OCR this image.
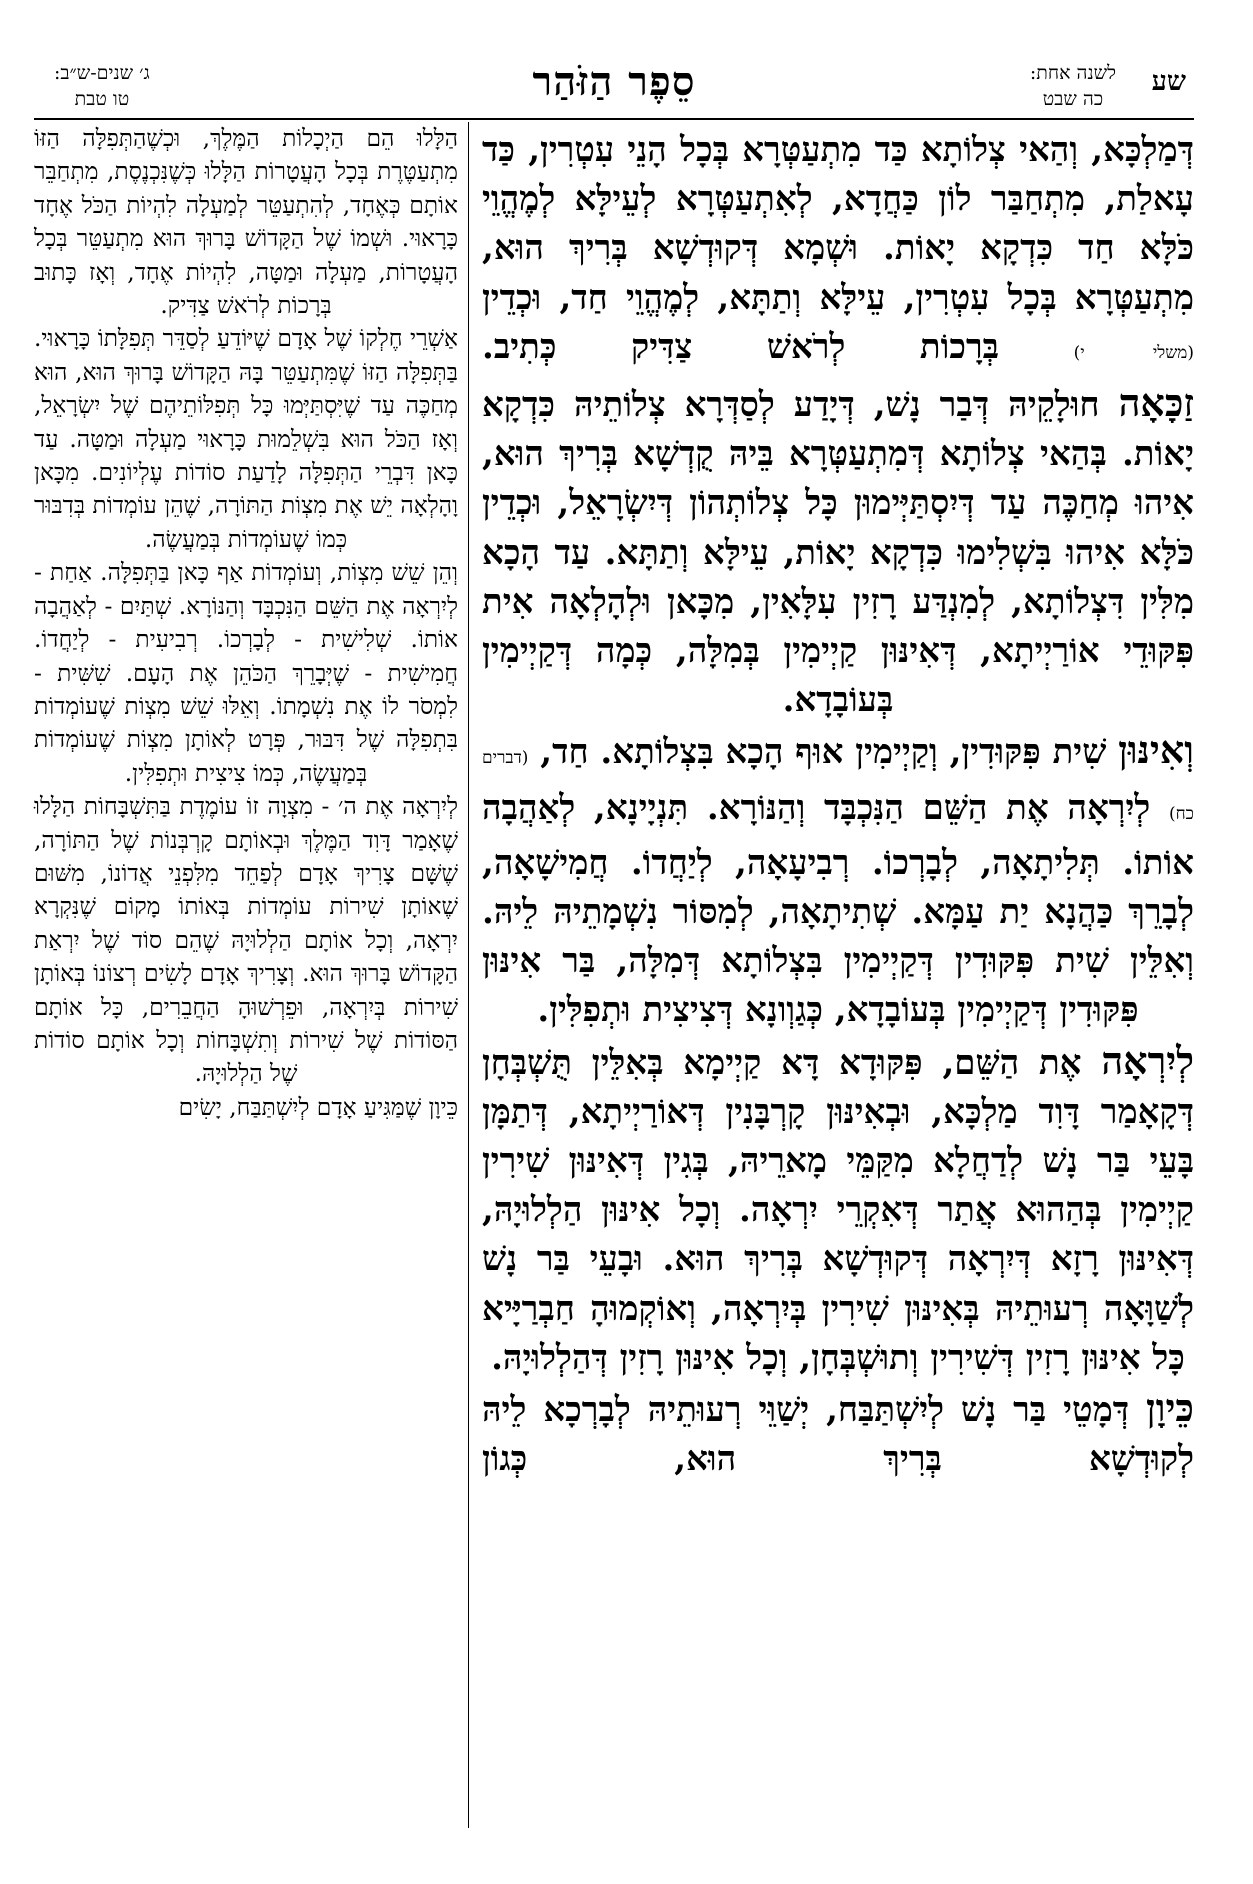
שע
לשנה אחת:
כה שבט
סֵפֶר הַזֹּהַר
ג׳ שנים-ש״ב:
טו טבת

דְּמַלְכָּא, וְהַאי צְלוֹתָא כַּד מִתְעַטְּרָא בְּכָל הָנֵי עִטְרִין, כַּד עָאלַת, מִתְחַבַּר לוֹן כַּחֲדָא, לְאִתְעַטְּרָא לְעֵילָּא לְמֶהֱוֵי כֹּלָּא חַד כִּדְקָא יָאוֹת. וּשְׁמָא דְּקוּדְשָׁא בְּרִיךְ הוּא, מִתְעַטְּרָא בְּכָל עִטְרִין, עֵילָּא וְתַתָּא, לְמֶהֱוֵי חַד, וּכְדֵין (משלי י) בְּרָכוֹת לְרֹאשׁ צַדִּיק כְּתִיב.

זַכָּאָה חוּלָקֵיהּ דְּבַר נָשׁ, דְּיָדַע לְסַדְּרָא צְלוֹתֵיהּ כִּדְקָא יָאוֹת. בְּהַאי צְלוֹתָא דְּמִתְעַטְּרָא בֵּיהּ קֻדְשָׁא בְּרִיךְ הוּא, אִיהוּ מְחַכֶּה עַד דְּיִסְתַּיְּימוּן כָּל צְלוֹתְהוֹן דְּיִשְׂרָאֵל, וּכְדֵין כֹּלָּא אִיהוּ בִּשְׁלִימוּ כִּדְקָא יָאוֹת, עֵילָּא וְתַתָּא. עַד הָכָא מִלִּין דִּצְלוֹתָא, לְמִנְדַּע רָזִין עִלָּאִין, מִכָּאן וּלְהָלְאָה אִית פִּקּוּדֵי אוֹרַיְיתָא, דְּאִינּוּן קַיְימִין בְּמִלָּה, כְּמָה דְּקַיְימִין בְּעוֹבָדָא.

וְאִינּוּן שִׁית פִּקּוּדִין, וְקַיְימִין אוּף הָכָא בִּצְלוֹתָא. חַד, (דברים כח) לְיִרְאָה אֶת הַשֵּׁם הַנִּכְבָּד וְהַנּוֹרָא. תִּנְיָינָא, לְאַהֲבָה אוֹתוֹ. תְּלִיתָאָה, לְבָרְכוֹ. רְבִיעָאָה, לְיַחֲדוֹ. חֲמִישָׁאָה, לְבָרֵךְ כַּהֲנָא יַת עַמָּא. שְׁתִיתָאָה, לְמִסּוֹר נִשְׁמָתֵיהּ לֵיהּ. וְאִלֵּין שִׁית פִּקּוּדִין דְּקַיְימִין בִּצְלוֹתָא דְּמִלָּה, בַּר אִינּוּן פִּקּוּדִין דְּקַיְימִין בְּעוֹבָדָא, כְּגַוְונָא דְּצִיצִית וּתְפִלִּין.

לְיִרְאָה אֶת הַשֵּׁם, פִּקּוּדָא דָּא קַיְימָא בְּאִלֵּין תֻּשְׁבְּחָן דְּקָאָמַר דָּוִד מַלְכָּא, וּבְאִינּוּן קָרְבָּנִין דְּאוֹרַיְיתָא, דְּתַמָּן בָּעֵי בַּר נָשׁ לְדַחֲלָא מִקַּמֵּי מָארֵיהּ, בְּגִין דְּאִינּוּן שִׁירִין קַיְימִין בְּהַהוּא אֲתַר דְּאִקְרֵי יִרְאָה. וְכָל אִינּוּן הַלְלוּיָהּ, דְּאִינּוּן רָזָא דְּיִרְאָה דְּקוּדְשָׁא בְּרִיךְ הוּא. וּבָעֵי בַּר נָשׁ לְשַׁוָּאָה רְעוּתֵיהּ בְּאִינּוּן שִׁירִין בְּיִרְאָה, וְאוֹקְמוּהָ חַבְרַיָּיא כָּל אִינּוּן רָזִין דְּשִׁירִין וְתוּשְׁבְּחָן, וְכָל אִינּוּן רָזִין דְּהַלְלוּיָהּ.

כֵּיוָן דְּמָטֵי בַּר נָשׁ לְיִשְׁתַּבַּח, יְשַׁוֵּי רְעוּתֵיהּ לְבָרְכָא לֵיהּ לְקוּדְשָׁא בְּרִיךְ הוּא, כְּגוֹן

הַלָּלוּ הֵם הַיְכָלוֹת הַמֶּלֶךְ, וּכְשֶׁהַתְּפִלָּה הַזּוֹ מִתְעַטֶּרֶת בְּכָל הָעֲטָרוֹת הַלָּלוּ כְּשֶׁנִּכְנֶסֶת, מִתְחַבֵּר אוֹתָם כְּאֶחָד, לְהִתְעַטֵּר לְמַעְלָה לִהְיוֹת הַכֹּל אֶחָד כָּרָאוּי. וּשְׁמוֹ שֶׁל הַקָּדוֹשׁ בָּרוּךְ הוּא מִתְעַטֵּר בְּכָל הָעֲטָרוֹת, מַעְלָה וּמַטָּה, לִהְיוֹת אֶחָד, וְאָז כָּתוּב בְּרָכוֹת לְרֹאשׁ צַדִּיק.

אַשְׁרֵי חֶלְקוֹ שֶׁל אָדָם שֶׁיּוֹדֵעַ לְסַדֵּר תְּפִלָּתוֹ כָּרָאוּי. בַּתְּפִלָּה הַזּוֹ שֶׁמִּתְעַטֵּר בָּהּ הַקָּדוֹשׁ בָּרוּךְ הוּא, הוּא מְחַכֶּה עַד שֶׁיִּסְתַּיְּמוּ כָּל תְּפִלּוֹתֵיהֶם שֶׁל יִשְׂרָאֵל, וְאָז הַכֹּל הוּא בִּשְׁלֵמוּת כָּרָאוּי מַעְלָה וּמַטָּה. עַד כָּאן דִּבְרֵי הַתְּפִלָּה לָדַעַת סוֹדוֹת עֶלְיוֹנִים. מִכָּאן וָהָלְאָה יֵשׁ אֶת מִצְוֹת הַתּוֹרָה, שֶׁהֵן עוֹמְדוֹת בְּדִבּוּר כְּמוֹ שֶׁעוֹמְדוֹת בְּמַעֲשֶׂה.

וְהֵן שֵׁשׁ מִצְוֹת, וְעוֹמְדוֹת אַף כָּאן בַּתְּפִלָּה. אַחַת - לְיִרְאָה אֶת הַשֵּׁם הַנִּכְבָּד וְהַנּוֹרָא. שְׁתַּיִם - לְאַהֲבָה אוֹתוֹ. שְׁלִישִׁית - לְבָרְכוֹ. רְבִיעִית - לְיַחֲדוֹ. חֲמִישִׁית - שֶׁיְּבָרֵךְ הַכֹּהֵן אֶת הָעָם. שִׁשִּׁית - לִמְסֹר לוֹ אֶת נִשְׁמָתוֹ. וְאֵלּוּ שֵׁשׁ מִצְוֹת שֶׁעוֹמְדוֹת בִּתְפִלָּה שֶׁל דִּבּוּר, פְּרָט לְאוֹתָן מִצְוֹת שֶׁעוֹמְדוֹת בְּמַעֲשֶׂה, כְּמוֹ צִיצִית וּתְפִלִּין.

לְיִרְאָה אֶת ה׳ - מִצְוָה זוֹ עוֹמֶדֶת בַּתִּשְׁבָּחוֹת הַלָּלוּ שֶׁאָמַר דָּוִד הַמֶּלֶךְ וּבְאוֹתָם קָרְבְּנוֹת שֶׁל הַתּוֹרָה, שֶׁשָּׁם צָרִיךְ אָדָם לְפַחֵד מִלִּפְנֵי אֲדוֹנוֹ, מִשּׁוּם שֶׁאוֹתָן שִׁירוֹת עוֹמְדוֹת בְּאוֹתוֹ מָקוֹם שֶׁנִּקְרָא יִרְאָה, וְכָל אוֹתָם הַלְלוּיָהּ שֶׁהֵם סוֹד שֶׁל יִרְאַת הַקָּדוֹשׁ בָּרוּךְ הוּא. וְצָרִיךְ אָדָם לָשִׂים רְצוֹנוֹ בְּאוֹתָן שִׁירוֹת בְּיִרְאָה, וּפֵרְשׁוּהָ הַחֲבֵרִים, כָּל אוֹתָם הַסּוֹדוֹת שֶׁל שִׁירוֹת וְתִשְׁבָּחוֹת וְכָל אוֹתָם סוֹדוֹת שֶׁל הַלְלוּיָהּ.

כֵּיוָן שֶׁמַּגִּיעַ אָדָם לְיִשְׁתַּבַּח, יָשִׂים
